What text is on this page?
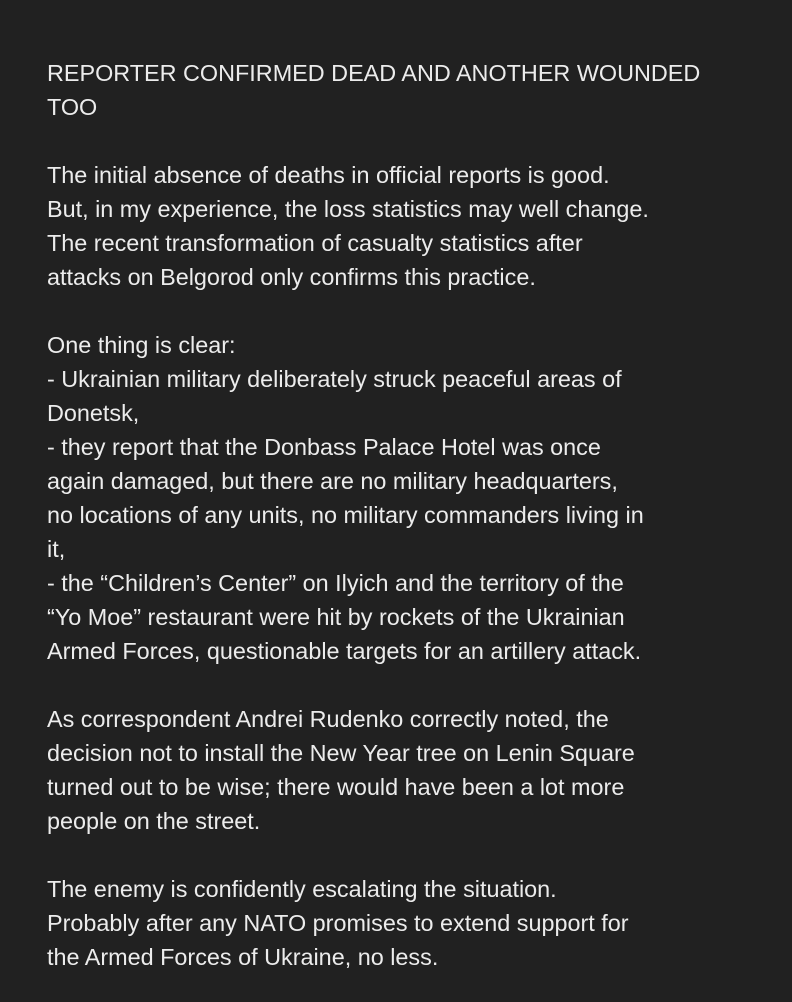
REPORTER CONFIRMED DEAD AND ANOTHER WOUNDED
TOO
The initial absence of deaths in official reports is good.
But, in my experience, the loss statistics may well change.
The recent transformation of casualty statistics after
attacks on Belgorod only confirms this practice.
One thing is clear:
- Ukrainian military deliberately struck peaceful areas of
Donetsk,
- they report that the Donbass Palace Hotel was once
again damaged, but there are no military headquarters,
no locations of any units, no military commanders living in
it,
- the “Children’s Center” on Ilyich and the territory of the
“Yo Moe” restaurant were hit by rockets of the Ukrainian
Armed Forces, questionable targets for an artillery attack.
As correspondent Andrei Rudenko correctly noted, the
decision not to install the New Year tree on Lenin Square
turned out to be wise; there would have been a lot more
people on the street.
The enemy is confidently escalating the situation.
Probably after any NATO promises to extend support for
the Armed Forces of Ukraine, no less.
